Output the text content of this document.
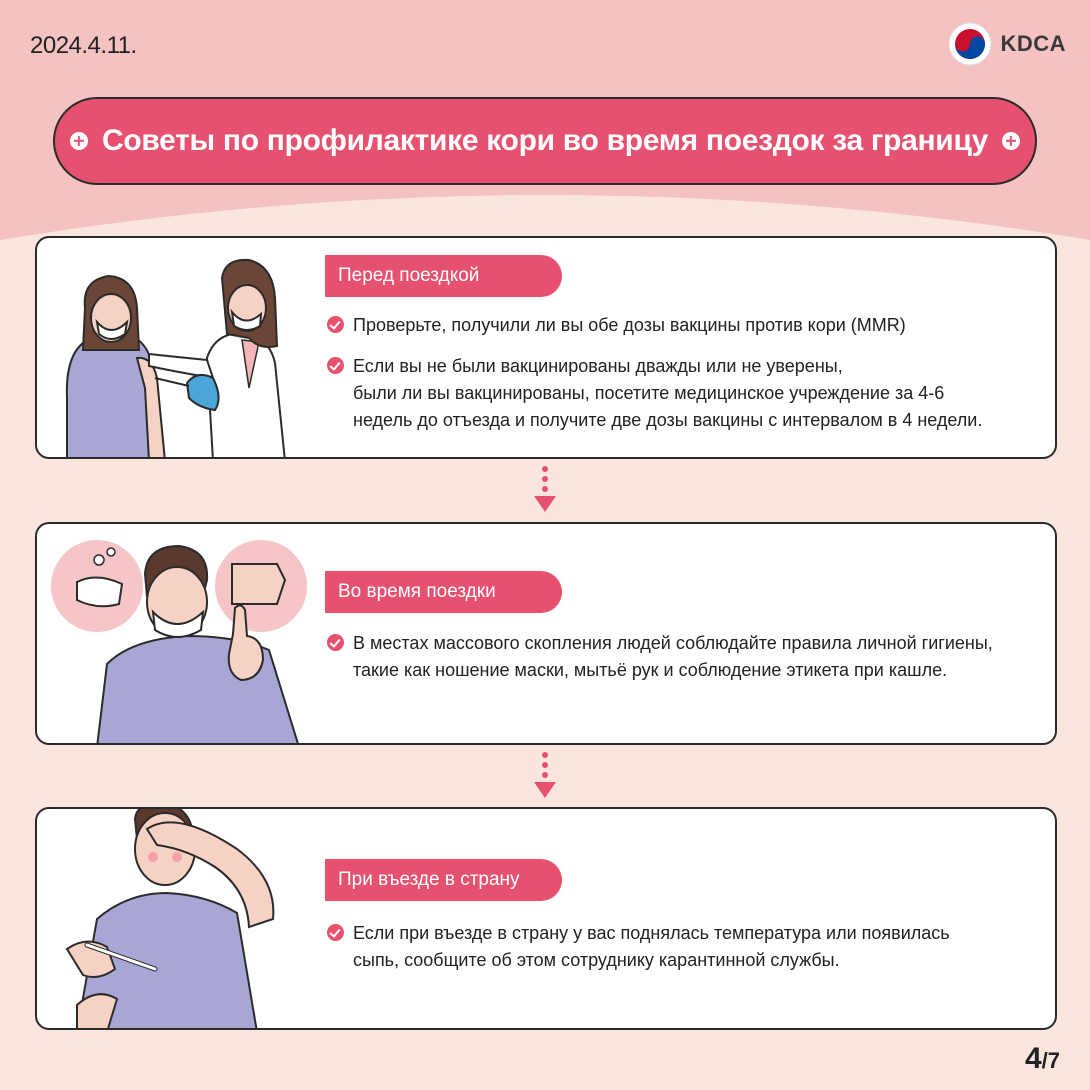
2024.4.11.	KDCA
Советы по профилактике кори во время поездок за границу
Перед поездкой
Проверьте, получили ли вы обе дозы вакцины против кори (MMR)
Если вы не были вакцинированы дважды или не уверены,
были ли вы вакцинированы, посетите медицинское учреждение за 4-6
недель до отъезда и получите две дозы вакцины с интервалом в 4 недели.
Во время поездки
В местах массового скопления людей соблюдайте правила личной гигиены,
такие как ношение маски, мытьё рук и соблюдение этикета при кашле.
При въезде в страну
Если при въезде в страну у вас поднялась температура или появилась
сыпь, сообщите об этом сотруднику карантинной службы.
4/7
